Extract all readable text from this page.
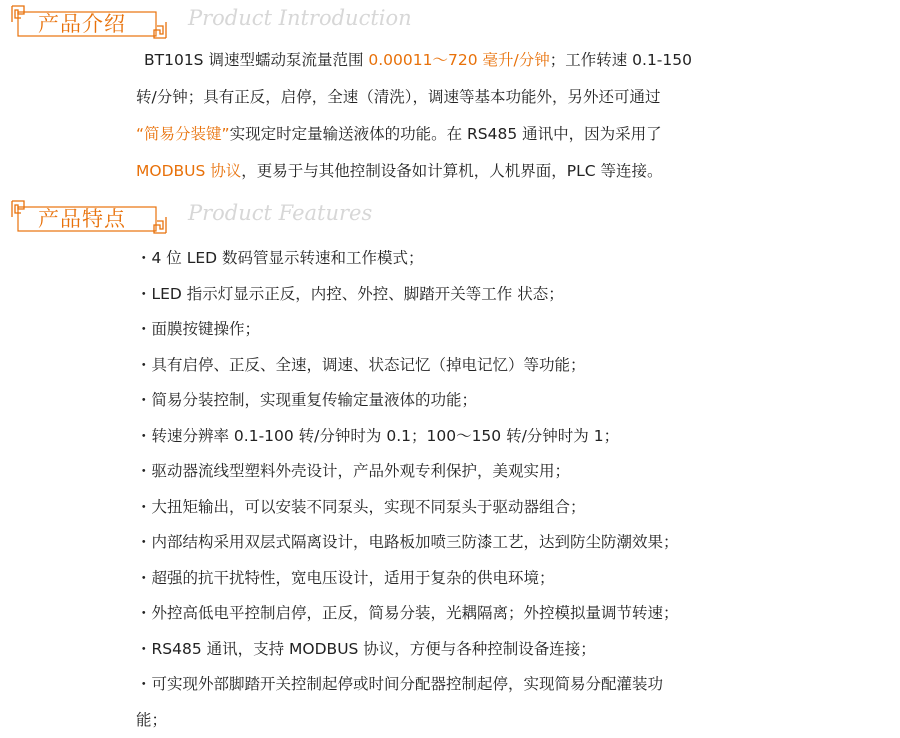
产品介绍	Product Introduction
BT101S 调速型蠕动泵流量范围 0.00011～720 毫升/分钟；工作转速 0.1-150
转/分钟；具有正反，启停，全速（清洗），调速等基本功能外，另外还可通过
“简易分装键”实现定时定量输送液体的功能。在 RS485 通讯中，因为采用了
MODBUS 协议，更易于与其他控制设备如计算机，人机界面，PLC 等连接。
产品特点	Product Features
・4 位 LED 数码管显示转速和工作模式；
・LED 指示灯显示正反，内控、外控、脚踏开关等工作 状态；
・面膜按键操作；
・具有启停、正反、全速，调速、状态记忆（掉电记忆）等功能；
・简易分装控制，实现重复传输定量液体的功能；
・转速分辨率 0.1-100 转/分钟时为 0.1；100～150 转/分钟时为 1；
・驱动器流线型塑料外壳设计，产品外观专利保护，美观实用；
・大扭矩输出，可以安装不同泵头，实现不同泵头于驱动器组合；
・内部结构采用双层式隔离设计，电路板加喷三防漆工艺，达到防尘防潮效果；
・超强的抗干扰特性，宽电压设计，适用于复杂的供电环境；
・外控高低电平控制启停，正反，简易分装，光耦隔离；外控模拟量调节转速；
・RS485 通讯，支持 MODBUS 协议，方便与各种控制设备连接；
・可实现外部脚踏开关控制起停或时间分配器控制起停，实现简易分配灌装功
能；
